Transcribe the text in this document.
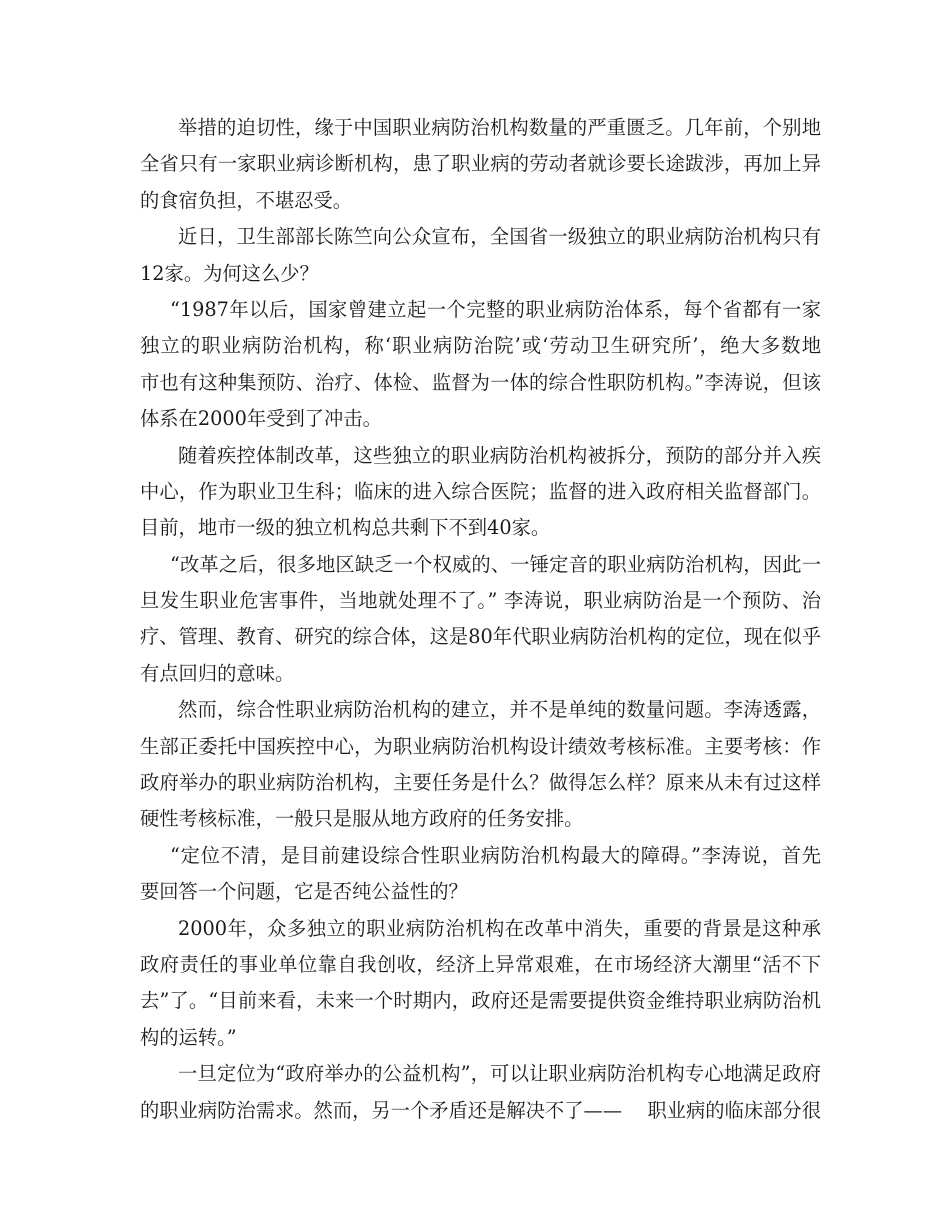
举措的迫切性，缘于中国职业病防治机构数量的严重匮乏。几年前，个别地
全省只有一家职业病诊断机构，患了职业病的劳动者就诊要长途跋涉，再加上异
的食宿负担，不堪忍受。
近日，卫生部部长陈竺向公众宣布，全国省一级独立的职业病防治机构只有
12家。为何这么少？
“1987年以后，国家曾建立起一个完整的职业病防治体系，每个省都有一家
独立的职业病防治机构，称‘职业病防治院’或‘劳动卫生研究所’，绝大多数地
市也有这种集预防、治疗、体检、监督为一体的综合性职防机构。”李涛说，但该
体系在2000年受到了冲击。
随着疾控体制改革，这些独立的职业病防治机构被拆分，预防的部分并入疾
中心，作为职业卫生科；临床的进入综合医院；监督的进入政府相关监督部门。
目前，地市一级的独立机构总共剩下不到40家。
“改革之后，很多地区缺乏一个权威的、一锤定音的职业病防治机构，因此一
旦发生职业危害事件，当地就处理不了。” 李涛说，职业病防治是一个预防、治
疗、管理、教育、研究的综合体，这是80年代职业病防治机构的定位，现在似乎
有点回归的意味。
然而，综合性职业病防治机构的建立，并不是单纯的数量问题。李涛透露，
生部正委托中国疾控中心，为职业病防治机构设计绩效考核标准。主要考核：作
政府举办的职业病防治机构，主要任务是什么？做得怎么样？原来从未有过这样
硬性考核标准，一般只是服从地方政府的任务安排。
“定位不清，是目前建设综合性职业病防治机构最大的障碍。”李涛说，首先
要回答一个问题，它是否纯公益性的？
2000年，众多独立的职业病防治机构在改革中消失，重要的背景是这种承
政府责任的事业单位靠自我创收，经济上异常艰难，在市场经济大潮里“活不下
去”了。“目前来看，未来一个时期内，政府还是需要提供资金维持职业病防治机
构的运转。”
一旦定位为“政府举办的公益机构”，可以让职业病防治机构专心地满足政府
的职业病防治需求。然而，另一个矛盾还是解决不了——　 职业病的临床部分很
